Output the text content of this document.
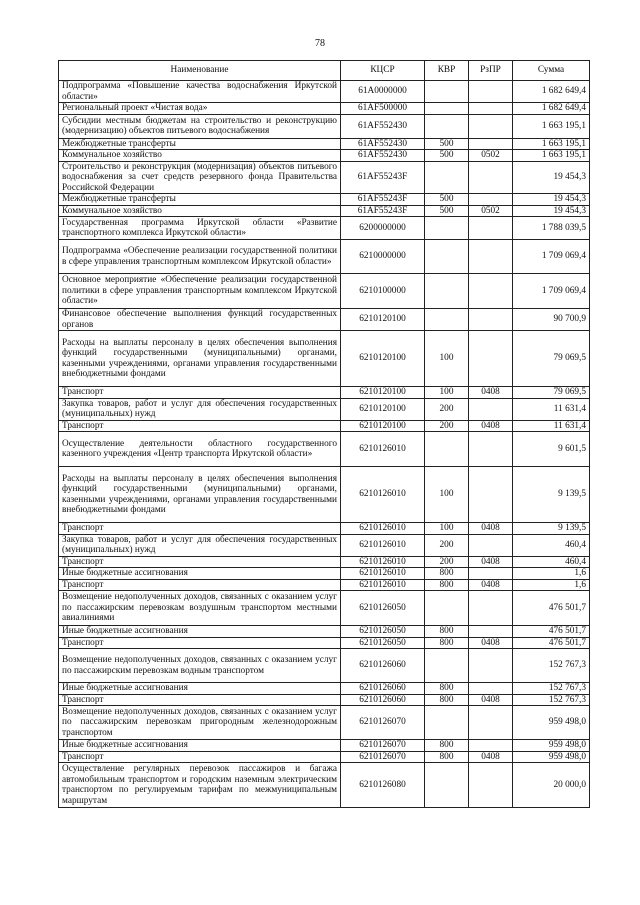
78
Наименование	КЦСР	КВР	РзПР	Сумма
Подпрограмма «Повышение качества водоснабжения Иркутской области»	61А0000000			1 682 649,4
Региональный проект «Чистая вода»	61АF500000			1 682 649,4
Субсидии местным бюджетам на строительство и реконструкцию (модернизацию) объектов питьевого водоснабжения	61АF552430			1 663 195,1
Межбюджетные трансферты	61АF552430	500		1 663 195,1
Коммунальное хозяйство	61АF552430	500	0502	1 663 195,1
Строительство и реконструкция (модернизация) объектов питьевого водоснабжения за счет средств резервного фонда Правительства Российской Федерации	61АF55243F			19 454,3
Межбюджетные трансферты	61АF55243F	500		19 454,3
Коммунальное хозяйство	61АF55243F	500	0502	19 454,3
Государственная программа Иркутской области «Развитие транспортного комплекса Иркутской области»	6200000000			1 788 039,5
Подпрограмма «Обеспечение реализации государственной политики в сфере управления транспортным комплексом Иркутской области»	6210000000			1 709 069,4
Основное мероприятие «Обеспечение реализации государственной политики в сфере управления транспортным комплексом Иркутской области»	6210100000			1 709 069,4
Финансовое обеспечение выполнения функций государственных органов	6210120100			90 700,9
Расходы на выплаты персоналу в целях обеспечения выполнения функций государственными (муниципальными) органами, казенными учреждениями, органами управления государственными внебюджетными фондами	6210120100	100		79 069,5
Транспорт	6210120100	100	0408	79 069,5
Закупка товаров, работ и услуг для обеспечения государственных (муниципальных) нужд	6210120100	200		11 631,4
Транспорт	6210120100	200	0408	11 631,4
Осуществление деятельности областного государственного казенного учреждения «Центр транспорта Иркутской области»	6210126010			9 601,5
Расходы на выплаты персоналу в целях обеспечения выполнения функций государственными (муниципальными) органами, казенными учреждениями, органами управления государственными внебюджетными фондами	6210126010	100		9 139,5
Транспорт	6210126010	100	0408	9 139,5
Закупка товаров, работ и услуг для обеспечения государственных (муниципальных) нужд	6210126010	200		460,4
Транспорт	6210126010	200	0408	460,4
Иные бюджетные ассигнования	6210126010	800		1,6
Транспорт	6210126010	800	0408	1,6
Возмещение недополученных доходов, связанных с оказанием услуг по пассажирским перевозкам воздушным транспортом местными авиалиниями	6210126050			476 501,7
Иные бюджетные ассигнования	6210126050	800		476 501,7
Транспорт	6210126050	800	0408	476 501,7
Возмещение недополученных доходов, связанных с оказанием услуг по пассажирским перевозкам водным транспортом	6210126060			152 767,3
Иные бюджетные ассигнования	6210126060	800		152 767,3
Транспорт	6210126060	800	0408	152 767,3
Возмещение недополученных доходов, связанных с оказанием услуг по пассажирским перевозкам пригородным железнодорожным транспортом	6210126070			959 498,0
Иные бюджетные ассигнования	6210126070	800		959 498,0
Транспорт	6210126070	800	0408	959 498,0
Осуществление регулярных перевозок пассажиров и багажа автомобильным транспортом и городским наземным электрическим транспортом по регулируемым тарифам по межмуниципальным маршрутам	6210126080			20 000,0
